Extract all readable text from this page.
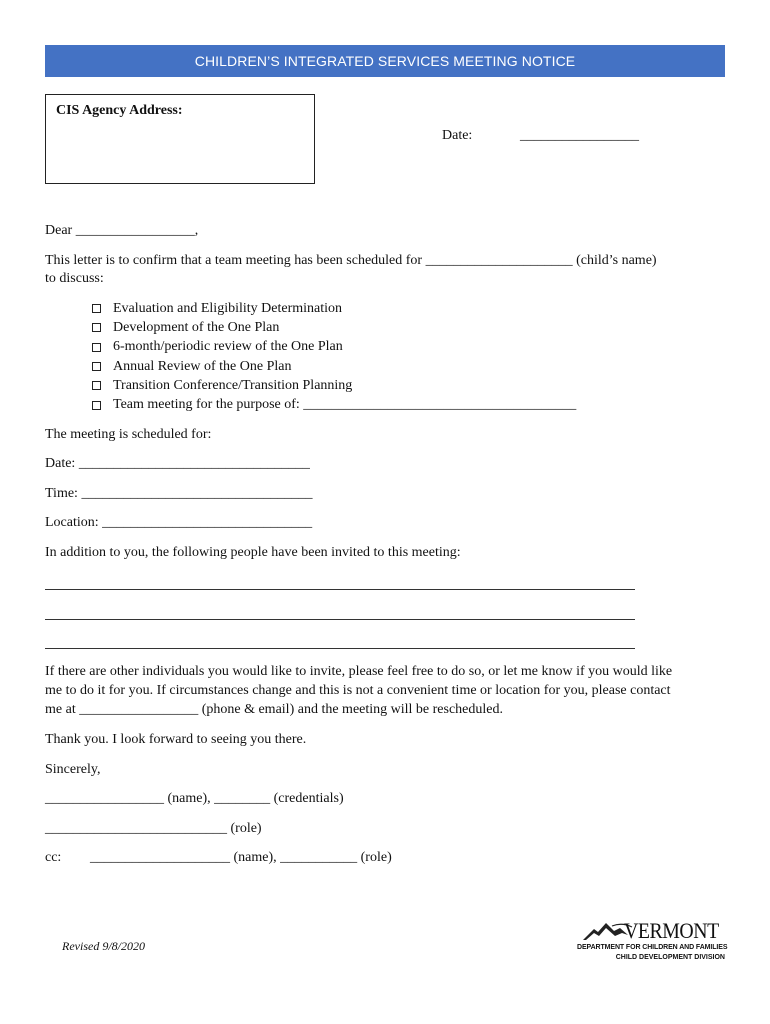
CHILDREN’S INTEGRATED SERVICES MEETING NOTICE
CIS Agency Address:
Date:	_________________
Dear _________________,
This letter is to confirm that a team meeting has been scheduled for _____________________ (child’s name)
to discuss:
Evaluation and Eligibility Determination
Development of the One Plan
6-month/periodic review of the One Plan
Annual Review of the One Plan
Transition Conference/Transition Planning
Team meeting for the purpose of: _______________________________________
The meeting is scheduled for:
Date: _________________________________
Time: _________________________________
Location: ______________________________
In addition to you, the following people have been invited to this meeting:
If there are other individuals you would like to invite, please feel free to do so, or let me know if you would like
me to do it for you. If circumstances change and this is not a convenient time or location for you, please contact
me at _________________ (phone & email) and the meeting will be rescheduled.
Thank you. I look forward to seeing you there.
Sincerely,
_________________ (name), ________ (credentials)
__________________________ (role)
cc: ____________________ (name), ___________ (role)
Revised 9/8/2020
VERMONT
DEPARTMENT FOR CHILDREN AND FAMILIES
CHILD DEVELOPMENT DIVISION
